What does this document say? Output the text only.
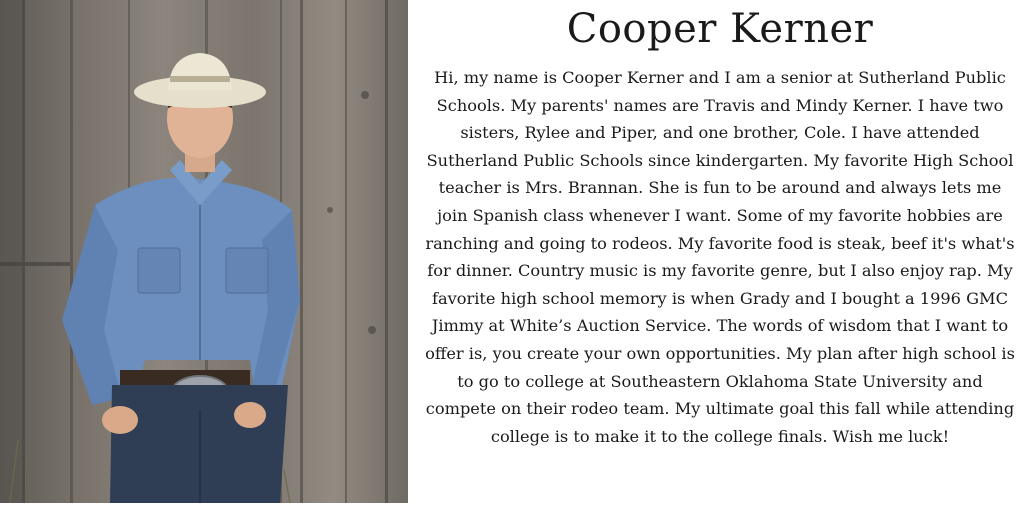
Cooper Kerner

Hi, my name is Cooper Kerner and I am a senior at Sutherland Public Schools. My parents' names are Travis and Mindy Kerner. I have two sisters, Rylee and Piper, and one brother, Cole. I have attended Sutherland Public Schools since kindergarten. My favorite High School teacher is Mrs. Brannan. She is fun to be around and always lets me join Spanish class whenever I want. Some of my favorite hobbies are ranching and going to rodeos. My favorite food is steak, beef it's what's for dinner. Country music is my favorite genre, but I also enjoy rap. My favorite high school memory is when Grady and I bought a 1996 GMC Jimmy at White’s Auction Service. The words of wisdom that I want to offer is, you create your own opportunities. My plan after high school is to go to college at Southeastern Oklahoma State University and compete on their rodeo team. My ultimate goal this fall while attending college is to make it to the college finals. Wish me luck!
